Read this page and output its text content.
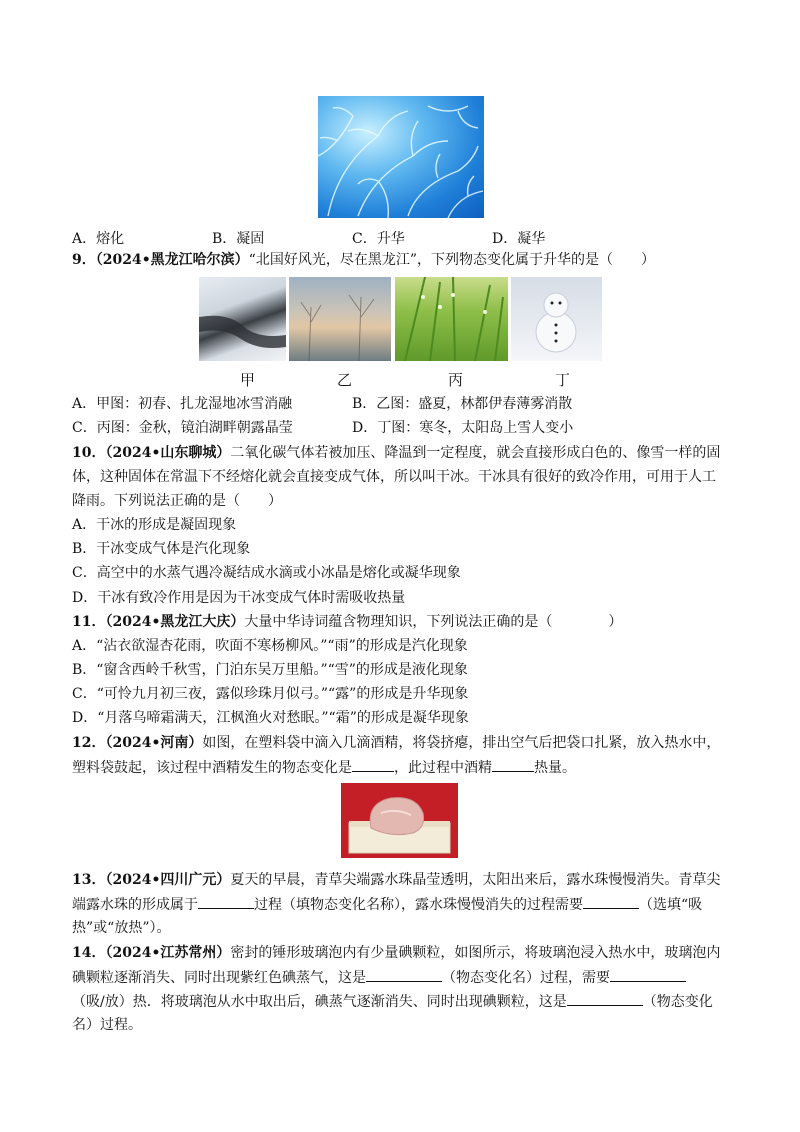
A．熔化	B．凝固	C．升华	D．凝华
9．（2024•黑龙江哈尔滨）“北国好风光，尽在黑龙江”，下列物态变化属于升华的是（　　）
甲	乙	丙	丁
A．甲图：初春、扎龙湿地冰雪消融	B．乙图：盛夏，林都伊春薄雾消散
C．丙图：金秋，镜泊湖畔朝露晶莹	D．丁图：寒冬，太阳岛上雪人变小
10．（2024•山东聊城）二氧化碳气体若被加压、降温到一定程度，就会直接形成白色的、像雪一样的固
体，这种固体在常温下不经熔化就会直接变成气体，所以叫干冰。干冰具有很好的致冷作用，可用于人工
降雨。下列说法正确的是（　　）
A．干冰的形成是凝固现象
B．干冰变成气体是汽化现象
C．高空中的水蒸气遇冷凝结成水滴或小冰晶是熔化或凝华现象
D．干冰有致冷作用是因为干冰变成气体时需吸收热量
11．（2024•黑龙江大庆）大量中华诗词蕴含物理知识，下列说法正确的是（　　　　）
A．“沾衣欲湿杏花雨，吹面不寒杨柳风。”“雨”的形成是汽化现象
B．“窗含西岭千秋雪，门泊东吴万里船。”“雪”的形成是液化现象
C．“可怜九月初三夜，露似珍珠月似弓。”“露”的形成是升华现象
D．“月落乌啼霜满天，江枫渔火对愁眠。”“霜”的形成是凝华现象
12．（2024•河南）如图，在塑料袋中滴入几滴酒精，将袋挤瘪，排出空气后把袋口扎紧，放入热水中，
塑料袋鼓起，该过程中酒精发生的物态变化是	，此过程中酒精	热量。
13．（2024•四川广元）夏天的早晨，青草尖端露水珠晶莹透明，太阳出来后，露水珠慢慢消失。青草尖
端露水珠的形成属于	过程（填物态变化名称），露水珠慢慢消失的过程需要	（选填“吸
热”或“放热”）。
14．（2024•江苏常州）密封的锤形玻璃泡内有少量碘颗粒，如图所示，将玻璃泡浸入热水中，玻璃泡内
碘颗粒逐渐消失、同时出现紫红色碘蒸气，这是	（物态变化名）过程，需要
（吸/放）热．将玻璃泡从水中取出后，碘蒸气逐渐消失、同时出现碘颗粒，这是	（物态变化
名）过程。
